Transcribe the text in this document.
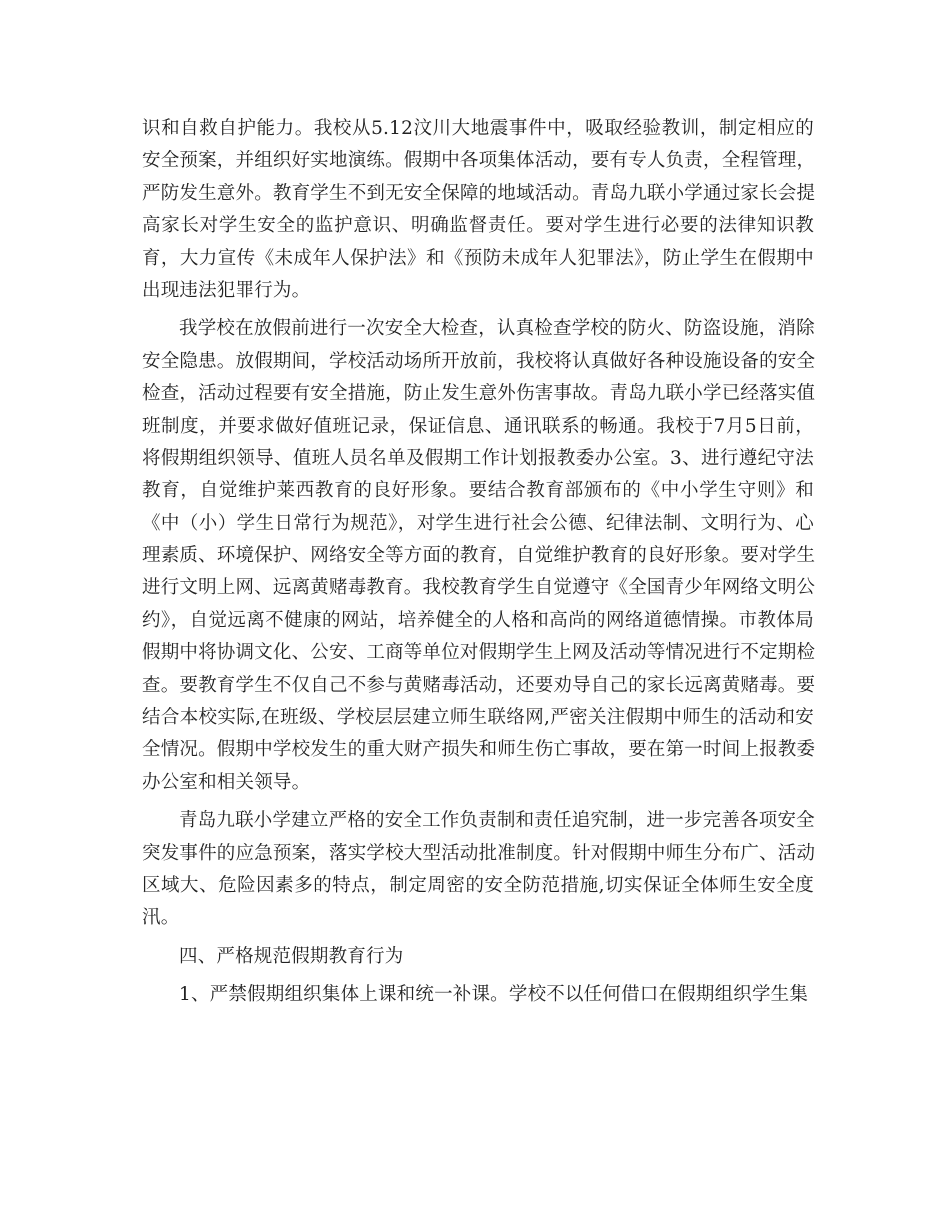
识和自救自护能力。我校从5.12汶川大地震事件中，吸取经验教训，制定相应的
安全预案，并组织好实地演练。假期中各项集体活动，要有专人负责，全程管理，
严防发生意外。教育学生不到无安全保障的地域活动。青岛九联小学通过家长会提
高家长对学生安全的监护意识、明确监督责任。要对学生进行必要的法律知识教
育，大力宣传《未成年人保护法》和《预防未成年人犯罪法》，防止学生在假期中
出现违法犯罪行为。
我学校在放假前进行一次安全大检查，认真检查学校的防火、防盗设施，消除
安全隐患。放假期间，学校活动场所开放前，我校将认真做好各种设施设备的安全
检查，活动过程要有安全措施，防止发生意外伤害事故。青岛九联小学已经落实值
班制度，并要求做好值班记录，保证信息、通讯联系的畅通。我校于7月5日前，
将假期组织领导、值班人员名单及假期工作计划报教委办公室。3、进行遵纪守法
教育，自觉维护莱西教育的良好形象。要结合教育部颁布的《中小学生守则》和
《中（小）学生日常行为规范》，对学生进行社会公德、纪律法制、文明行为、心
理素质、环境保护、网络安全等方面的教育，自觉维护教育的良好形象。要对学生
进行文明上网、远离黄赌毒教育。我校教育学生自觉遵守《全国青少年网络文明公
约》，自觉远离不健康的网站，培养健全的人格和高尚的网络道德情操。市教体局
假期中将协调文化、公安、工商等单位对假期学生上网及活动等情况进行不定期检
查。要教育学生不仅自己不参与黄赌毒活动，还要劝导自己的家长远离黄赌毒。要
结合本校实际,在班级、学校层层建立师生联络网,严密关注假期中师生的活动和安
全情况。假期中学校发生的重大财产损失和师生伤亡事故，要在第一时间上报教委
办公室和相关领导。
青岛九联小学建立严格的安全工作负责制和责任追究制，进一步完善各项安全
突发事件的应急预案，落实学校大型活动批准制度。针对假期中师生分布广、活动
区域大、危险因素多的特点，制定周密的安全防范措施,切实保证全体师生安全度
汛。
四、严格规范假期教育行为
1、严禁假期组织集体上课和统一补课。学校不以任何借口在假期组织学生集
